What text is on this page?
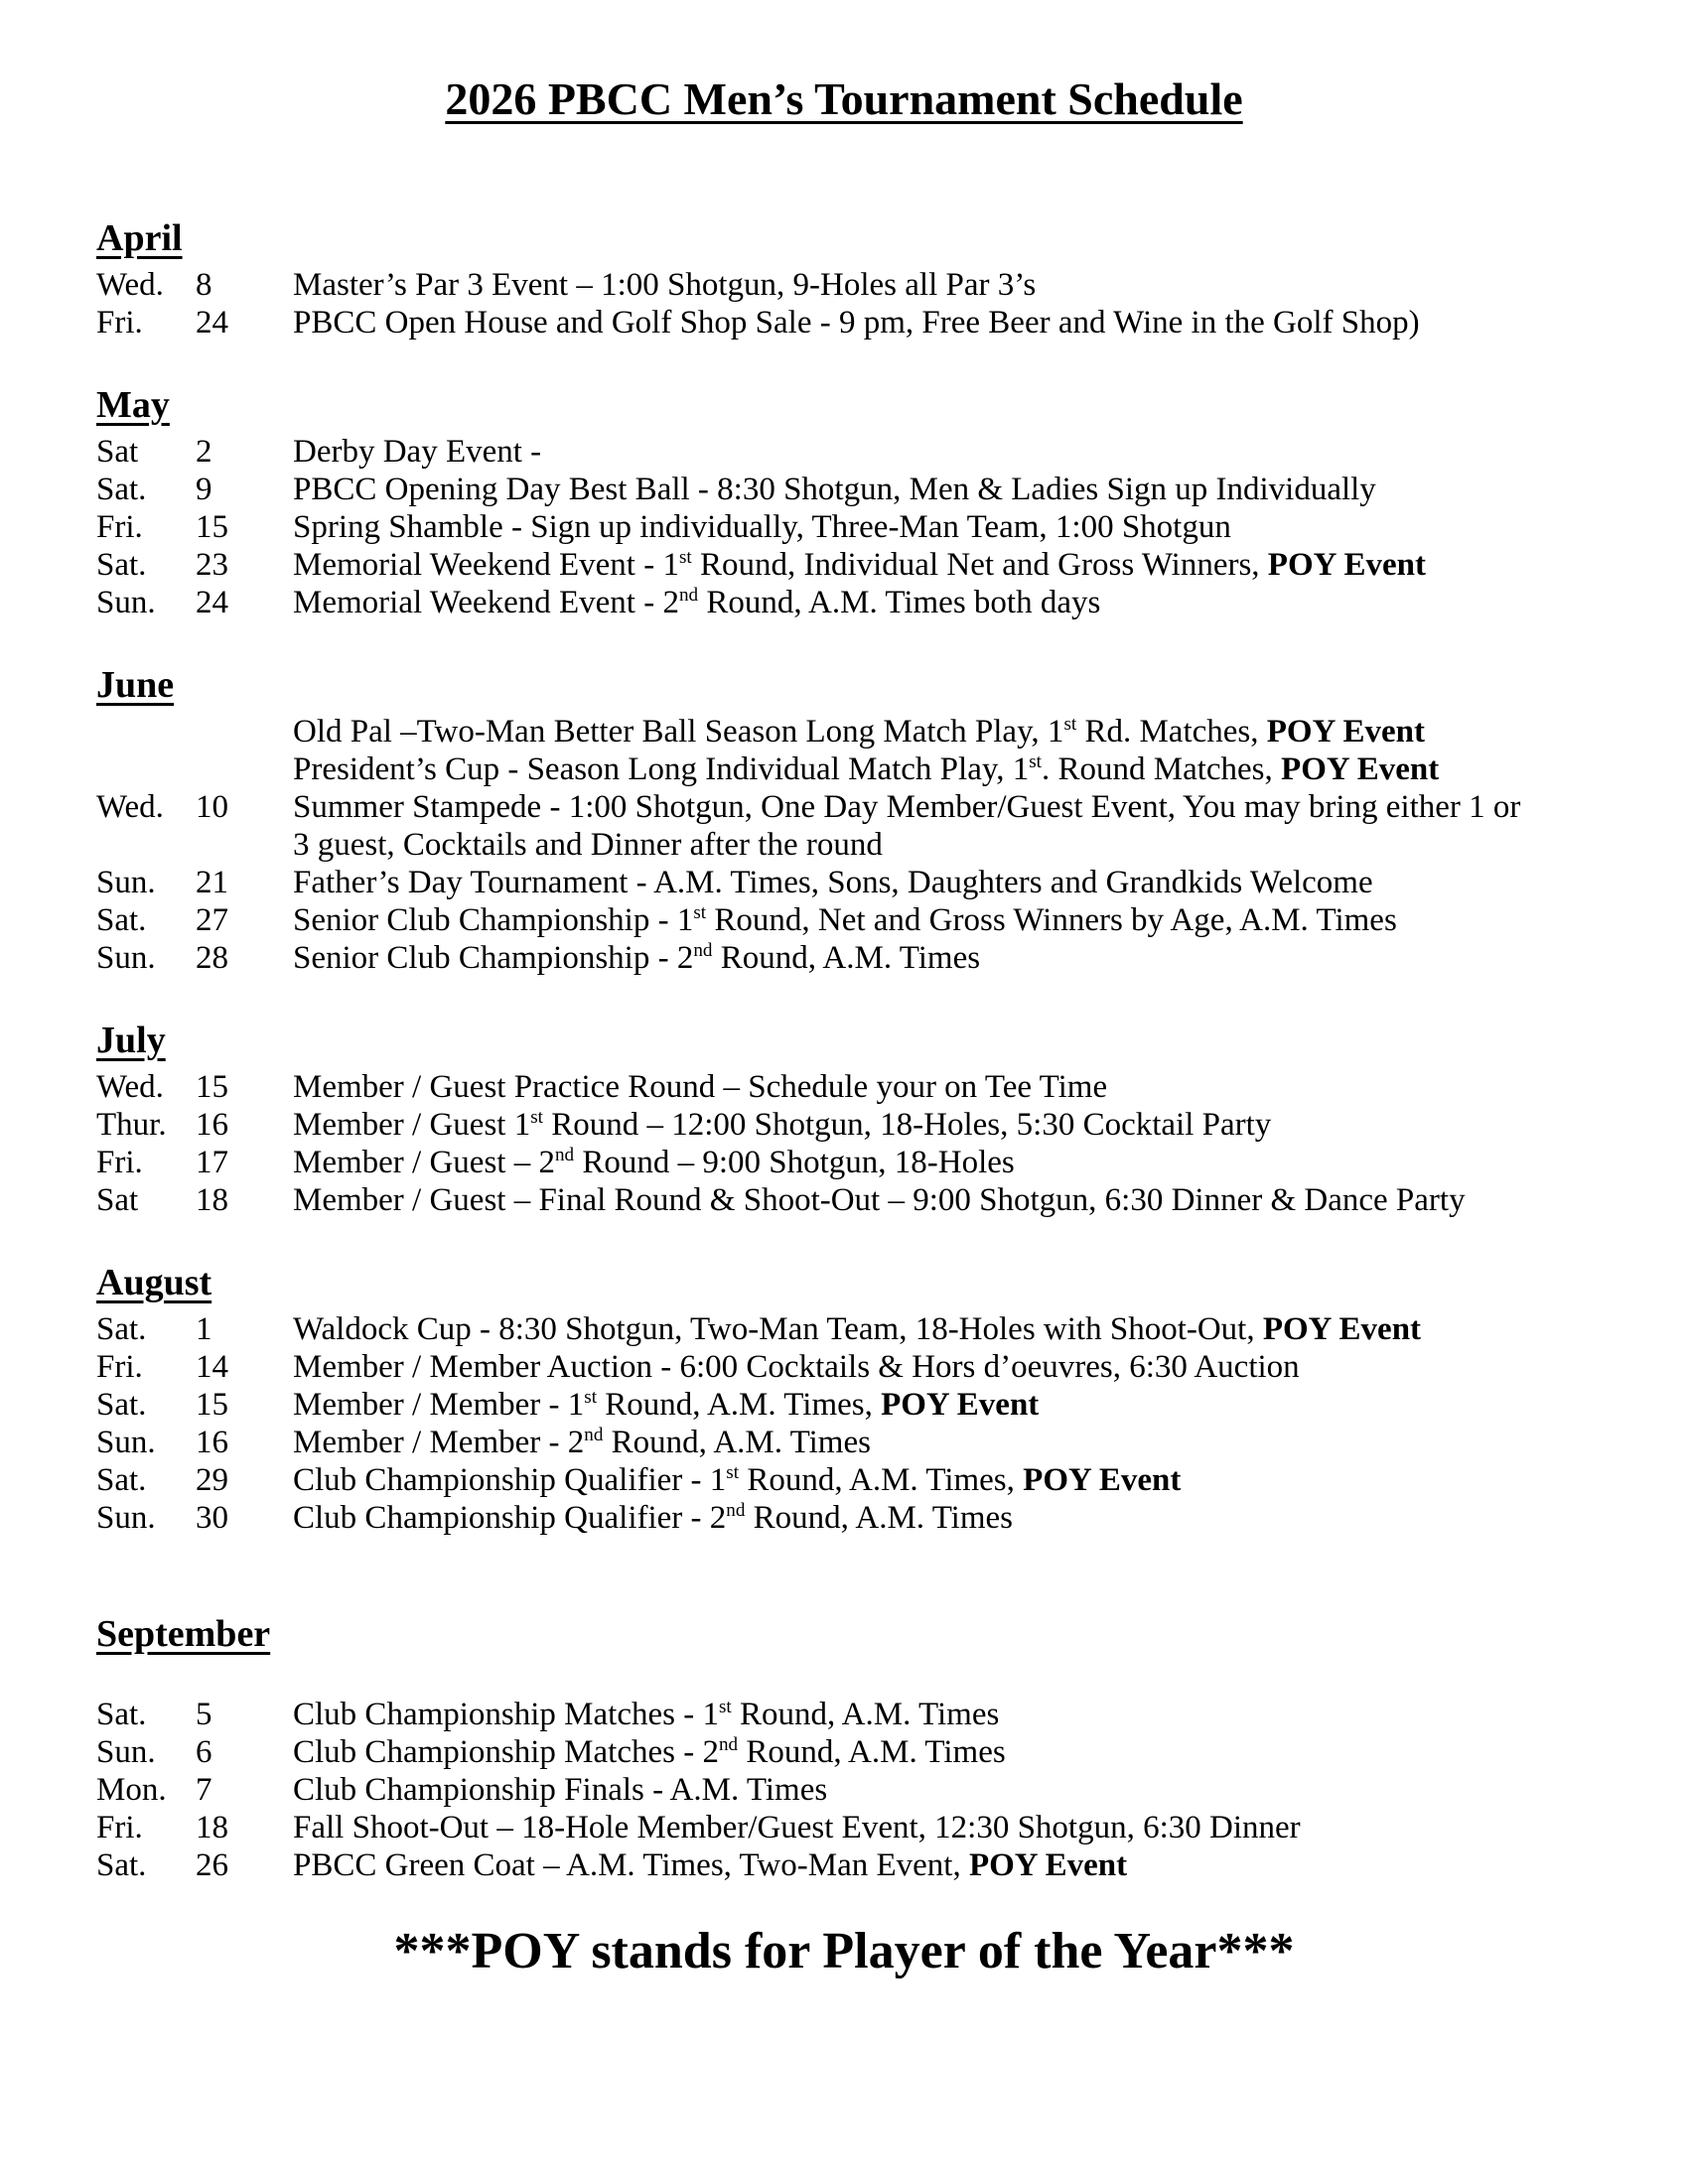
2026 PBCC Men’s Tournament Schedule
April
Wed. 8	Master’s Par 3 Event – 1:00 Shotgun, 9-Holes all Par 3’s
Fri.	24	PBCC Open House and Golf Shop Sale - 9 pm, Free Beer and Wine in the Golf Shop)
May
Sat	2	Derby Day Event -
Sat.	9	PBCC Opening Day Best Ball - 8:30 Shotgun, Men & Ladies Sign up Individually
Fri.	15	Spring Shamble - Sign up individually, Three-Man Team, 1:00 Shotgun
Sat.	23	Memorial Weekend Event - 1st Round, Individual Net and Gross Winners, POY Event
Sun.	24	Memorial Weekend Event - 2nd Round, A.M. Times both days
June
Old Pal –Two-Man Better Ball Season Long Match Play, 1st Rd. Matches, POY Event
President’s Cup - Season Long Individual Match Play, 1st. Round Matches, POY Event
Wed. 10	Summer Stampede - 1:00 Shotgun, One Day Member/Guest Event, You may bring either 1 or
3 guest, Cocktails and Dinner after the round
Sun.	21	Father’s Day Tournament - A.M. Times, Sons, Daughters and Grandkids Welcome
Sat.	27	Senior Club Championship - 1st Round, Net and Gross Winners by Age, A.M. Times
Sun.	28	Senior Club Championship - 2nd Round, A.M. Times
July
Wed. 15	Member / Guest Practice Round – Schedule your on Tee Time
Thur. 16	Member / Guest 1st Round – 12:00 Shotgun, 18-Holes, 5:30 Cocktail Party
Fri.	17	Member / Guest – 2nd Round – 9:00 Shotgun, 18-Holes
Sat	18	Member / Guest – Final Round & Shoot-Out – 9:00 Shotgun, 6:30 Dinner & Dance Party
August
Sat.	1	Waldock Cup - 8:30 Shotgun, Two-Man Team, 18-Holes with Shoot-Out, POY Event
Fri.	14	Member / Member Auction - 6:00 Cocktails & Hors d’oeuvres, 6:30 Auction
Sat.	15	Member / Member - 1st Round, A.M. Times, POY Event
Sun.	16	Member / Member - 2nd Round, A.M. Times
Sat.	29	Club Championship Qualifier - 1st Round, A.M. Times, POY Event
Sun.	30	Club Championship Qualifier - 2nd Round, A.M. Times
September
Sat.	5	Club Championship Matches - 1st Round, A.M. Times
Sun.	6	Club Championship Matches - 2nd Round, A.M. Times
Mon. 7	Club Championship Finals - A.M. Times
Fri.	18	Fall Shoot-Out – 18-Hole Member/Guest Event, 12:30 Shotgun, 6:30 Dinner
Sat.	26	PBCC Green Coat – A.M. Times, Two-Man Event, POY Event
***POY stands for Player of the Year***
